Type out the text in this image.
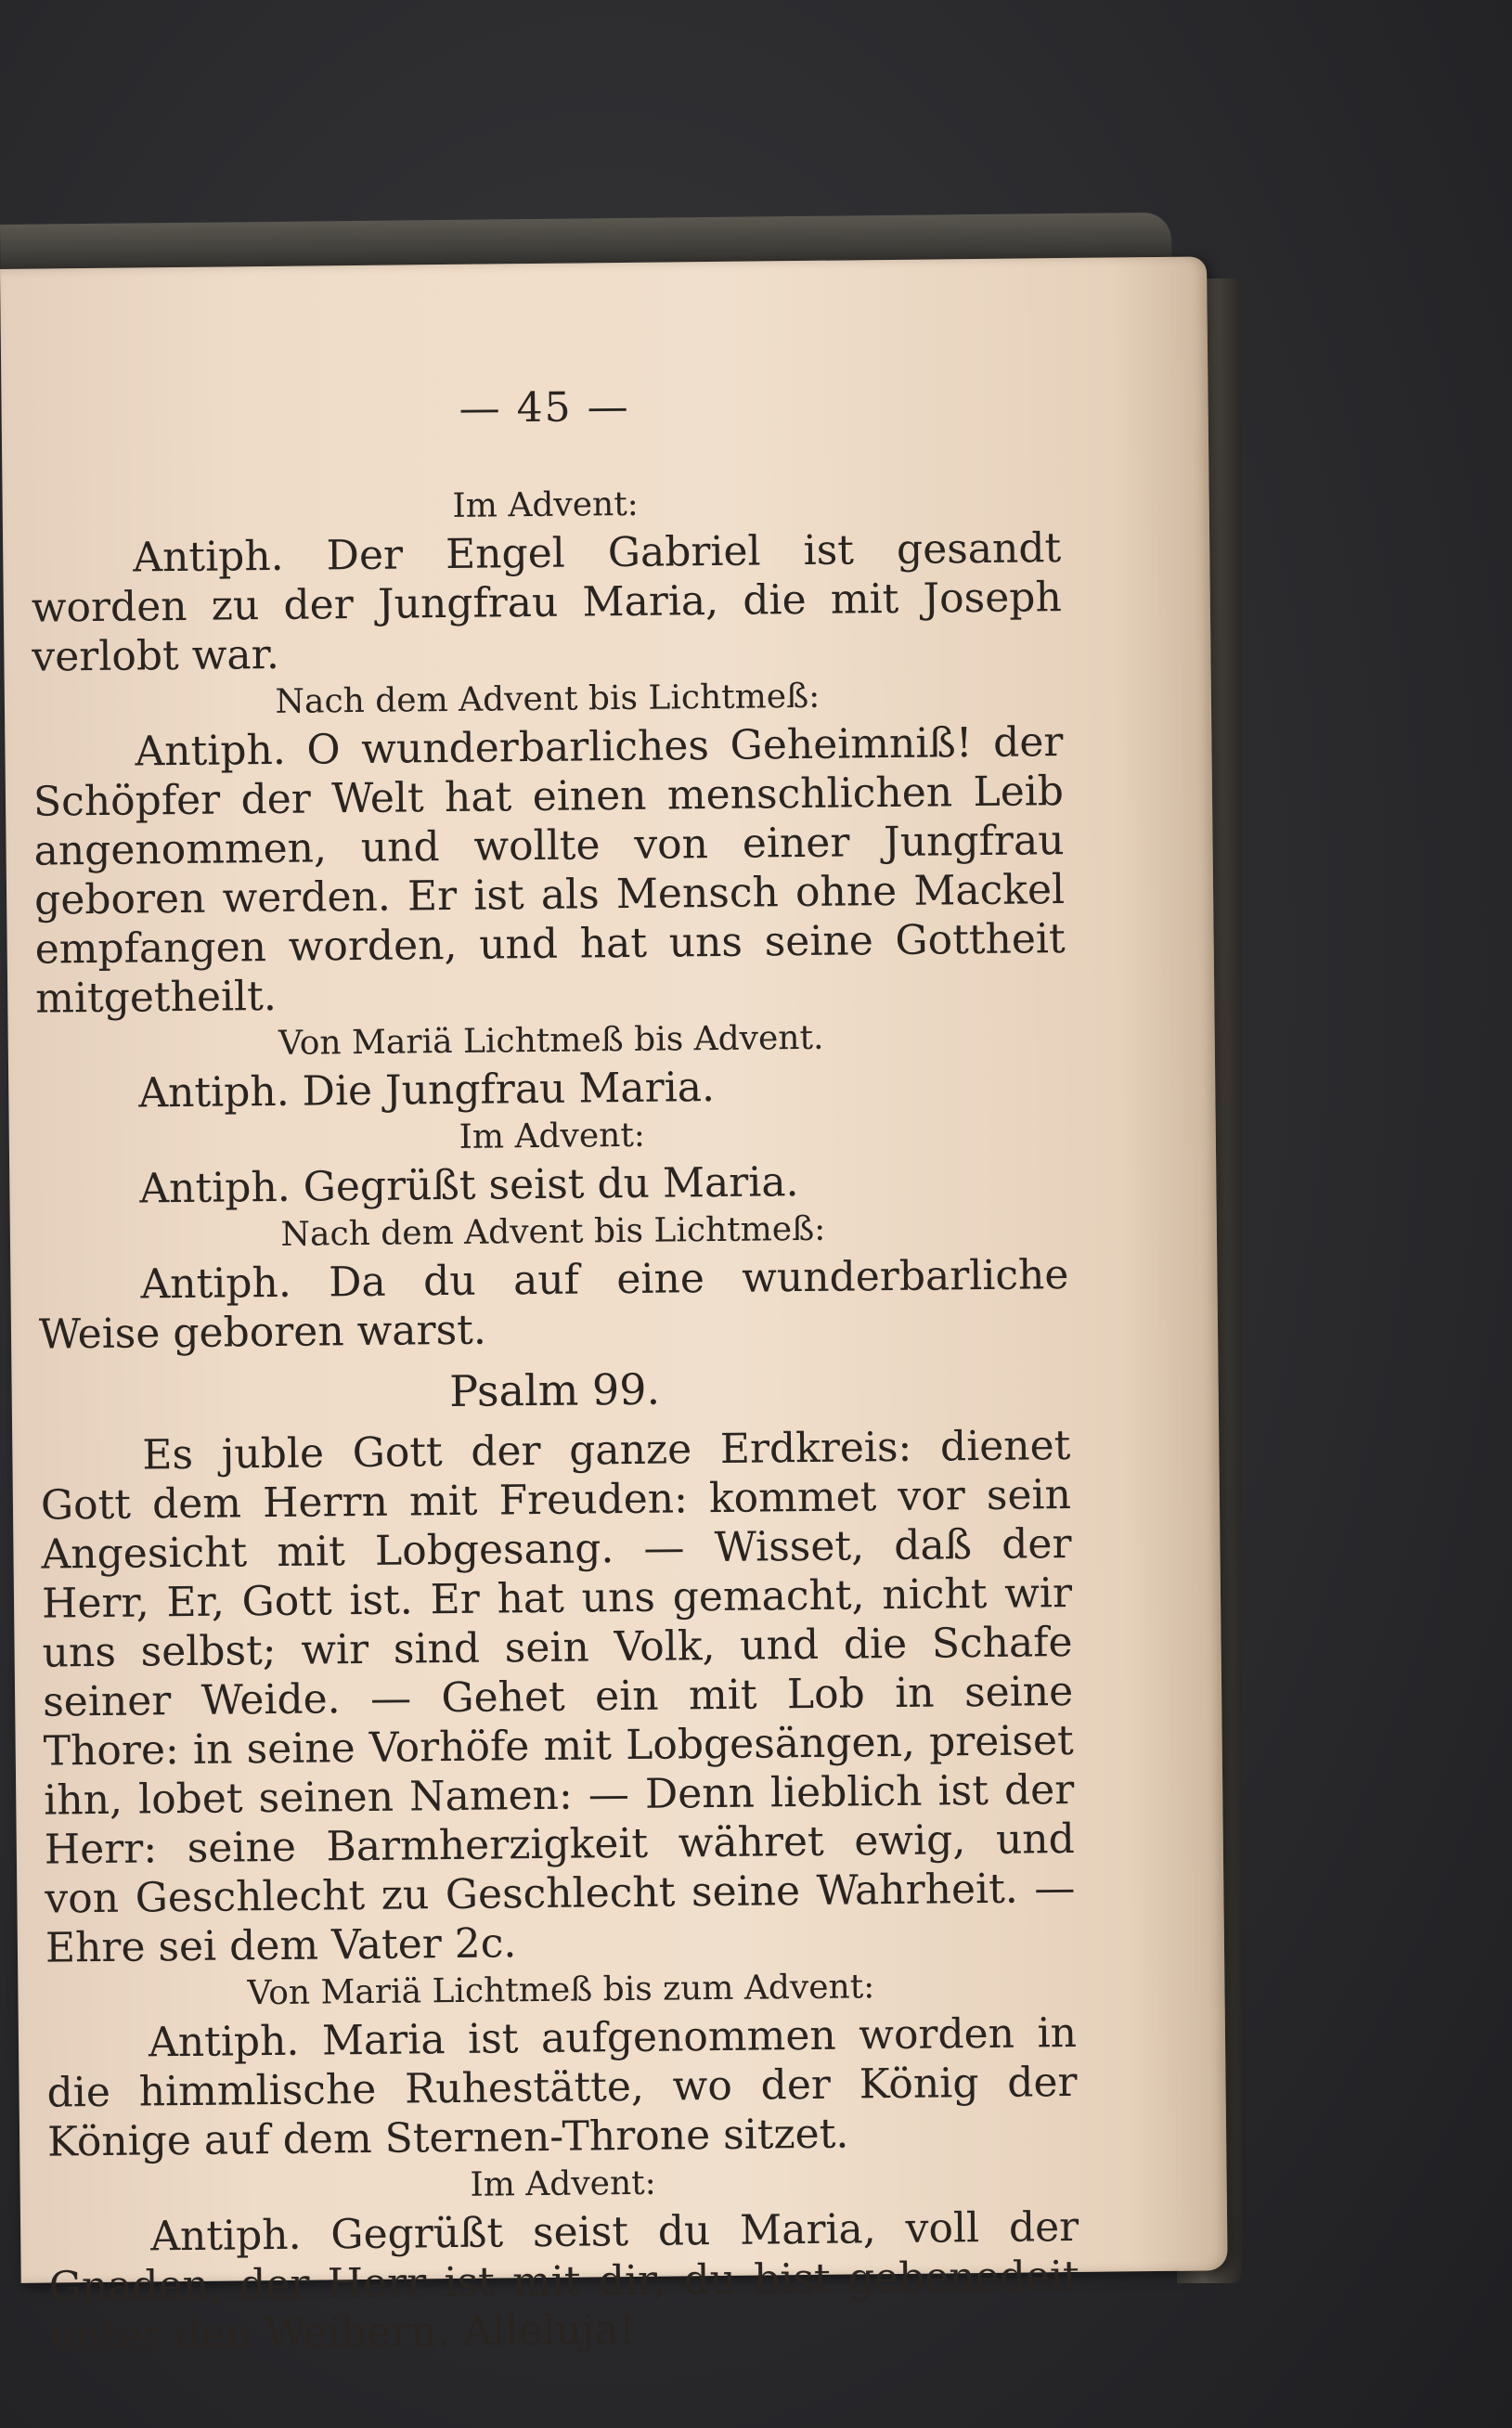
— 45 —

Im Advent:

Antiph. Der Engel Gabriel ist gesandt worden zu der Jungfrau Maria, die mit Joseph verlobt war.

Nach dem Advent bis Lichtmeß:

Antiph. O wunderbarliches Geheimniß! der Schöpfer der Welt hat einen menschlichen Leib angenommen, und wollte von einer Jungfrau geboren werden. Er ist als Mensch ohne Mackel empfangen worden, und hat uns seine Gottheit mitgetheilt.

Von Mariä Lichtmeß bis Advent.

Antiph. Die Jungfrau Maria.

Im Advent:

Antiph. Gegrüßt seist du Maria.

Nach dem Advent bis Lichtmeß:

Antiph. Da du auf eine wunderbarliche Weise geboren warst.

Psalm 99.

Es juble Gott der ganze Erdkreis: dienet Gott dem Herrn mit Freuden: kommet vor sein Angesicht mit Lobgesang. — Wisset, daß der Herr, Er, Gott ist. Er hat uns gemacht, nicht wir uns selbst; wir sind sein Volk, und die Schafe seiner Weide. — Gehet ein mit Lob in seine Thore: in seine Vorhöfe mit Lobgesängen, preiset ihn, lobet seinen Namen: — Denn lieblich ist der Herr: seine Barmherzigkeit währet ewig, und von Geschlecht zu Geschlecht seine Wahrheit. — Ehre sei dem Vater 2c.

Von Mariä Lichtmeß bis zum Advent:

Antiph. Maria ist aufgenommen worden in die himmlische Ruhestätte, wo der König der Könige auf dem Sternen-Throne sitzet.

Im Advent:

Antiph. Gegrüßt seist du Maria, voll der Gnaden, der Herr ist mit dir, du bist gebenedeit unter den Weibern. Alleluja!
